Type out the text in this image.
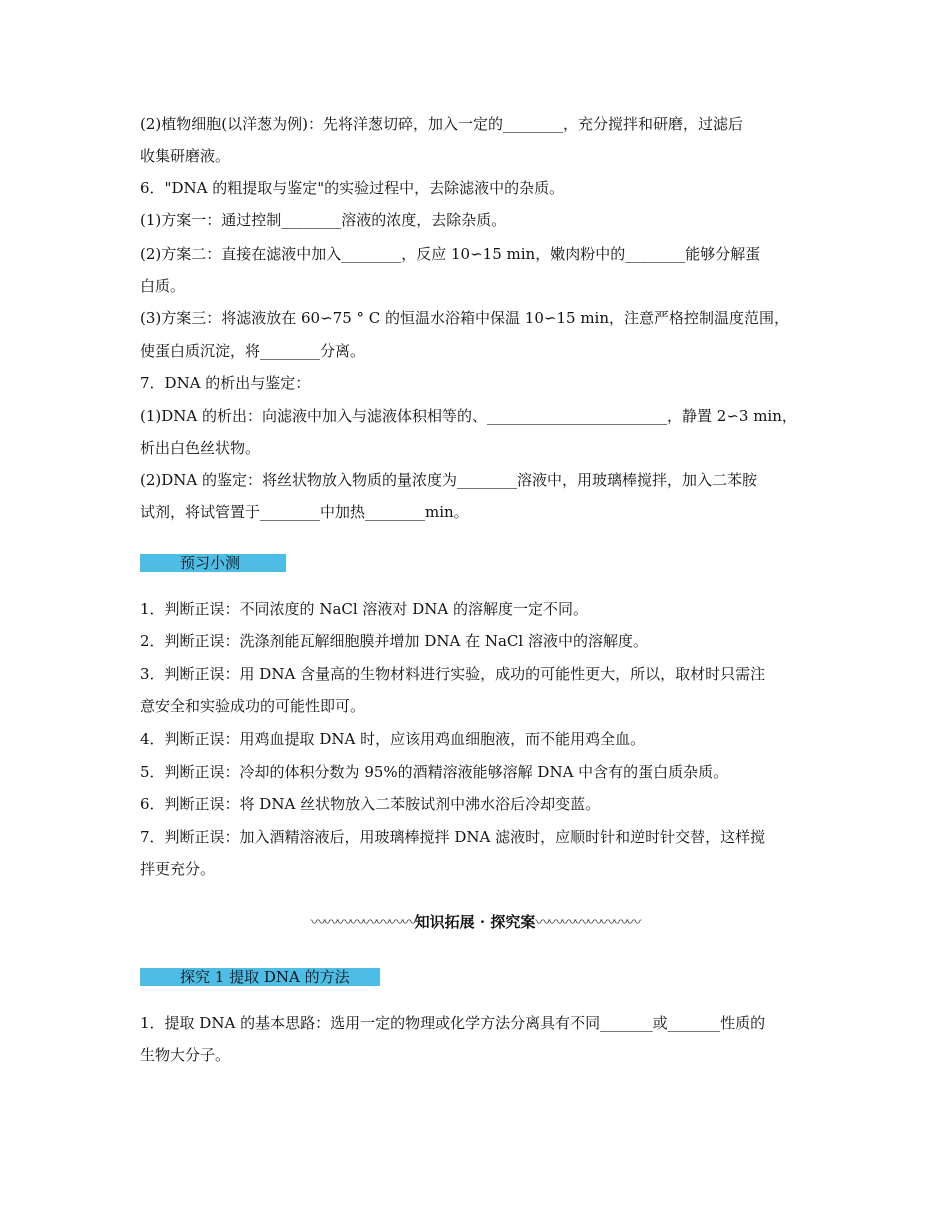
(2)植物细胞(以洋葱为例)：先将洋葱切碎，加入一定的________，充分搅拌和研磨，过滤后
收集研磨液。
6．"DNA 的粗提取与鉴定"的实验过程中，去除滤液中的杂质。
(1)方案一：通过控制________溶液的浓度，去除杂质。
(2)方案二：直接在滤液中加入________，反应 10∽15 min，嫩肉粉中的________能够分解蛋
白质。
(3)方案三：将滤液放在 60∽75 ° C 的恒温水浴箱中保温 10∽15 min，注意严格控制温度范围，
使蛋白质沉淀，将________分离。
7．DNA 的析出与鉴定：
(1)DNA 的析出：向滤液中加入与滤液体积相等的、________________________，静置 2∽3 min，
析出白色丝状物。
(2)DNA 的鉴定：将丝状物放入物质的量浓度为________溶液中，用玻璃棒搅拌，加入二苯胺
试剂，将试管置于________中加热________min。
预习小测
1．判断正误：不同浓度的 NaCl 溶液对 DNA 的溶解度一定不同。
2．判断正误：洗涤剂能瓦解细胞膜并增加 DNA 在 NaCl 溶液中的溶解度。
3．判断正误：用 DNA 含量高的生物材料进行实验，成功的可能性更大，所以，取材时只需注
意安全和实验成功的可能性即可。
4．判断正误：用鸡血提取 DNA 时，应该用鸡血细胞液，而不能用鸡全血。
5．判断正误：冷却的体积分数为 95%的酒精溶液能够溶解 DNA 中含有的蛋白质杂质。
6．判断正误：将 DNA 丝状物放入二苯胺试剂中沸水浴后冷却变蓝。
7．判断正误：加入酒精溶液后，用玻璃棒搅拌 DNA 滤液时，应顺时针和逆时针交替，这样搅
拌更充分。
〰〰〰〰〰〰〰〰知识拓展 · 探究案〰〰〰〰〰〰〰〰
探究 1 提取 DNA 的方法
1．提取 DNA 的基本思路：选用一定的物理或化学方法分离具有不同_______或_______性质的
生物大分子。
